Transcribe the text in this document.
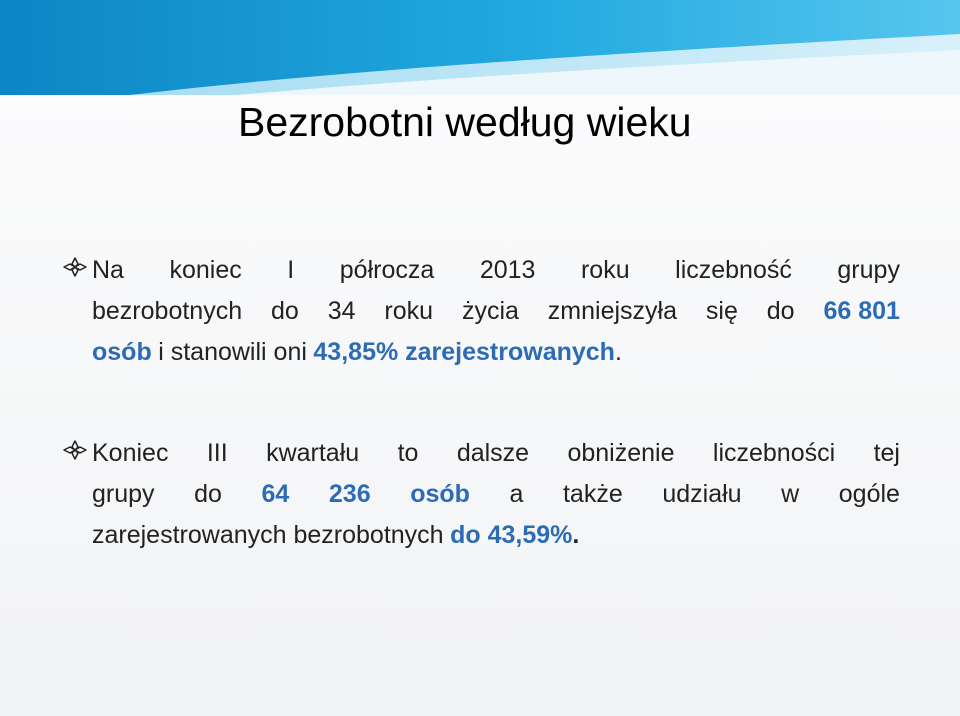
Bezrobotni według wieku
Na koniec I półrocza 2013 roku liczebność grupy
bezrobotnych do 34 roku życia zmniejszyła się do 66 801
osób i stanowili oni 43,85% zarejestrowanych .
Koniec III kwartału to dalsze obniżenie liczebności tej
grupy do 64 236 osób a także udziału w ogóle
zarejestrowanych bezrobotnych do 43,59% .
